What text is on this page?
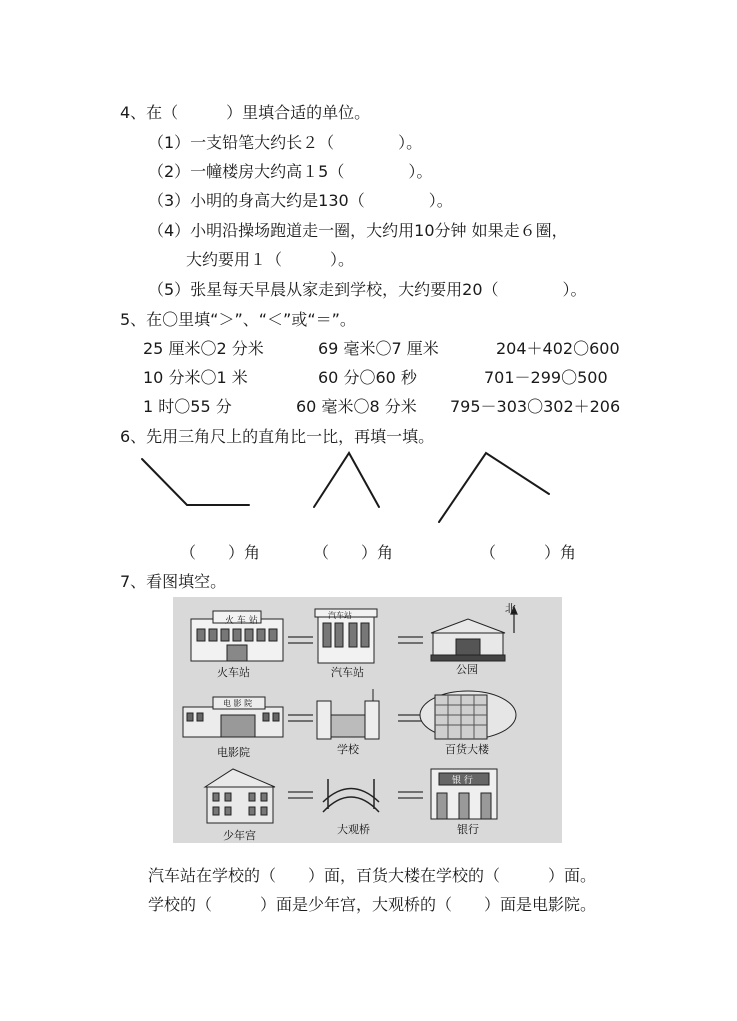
4、在（　　　）里填合适的单位。
（1）一支铅笔大约长２（　　　　）。
（2）一幢楼房大约高１5（　　　　）。
（3）小明的身高大约是130（　　　　）。
（4）小明沿操场跑道走一圈，大约用10分钟 如果走６圈，
大约要用１（　　　）。
（5）张星每天早晨从家走到学校，大约要用20（　　　　）。
5、在〇里填“＞”、“＜”或“＝”。
25 厘米〇2 分米	69 毫米〇7 厘米	204＋402〇600
10 分米〇1 米	60 分〇60 秒	701－299〇500
1 时〇55 分	60 毫米〇8 分米 795－303〇302＋206
6、先用三角尺上的直角比一比，再填一填。
（　　）角	（　　）角	（　　　）角
7、看图填空。
北
火 车 站
汽车站
电 影 院
银 行
火车站	汽车站	公园
电影院	学校	百货大楼
少年宫	大观桥	银行
汽车站在学校的（　　）面，百货大楼在学校的（　　　）面。
学校的（　　　）面是少年宫，大观桥的（　　）面是电影院。
